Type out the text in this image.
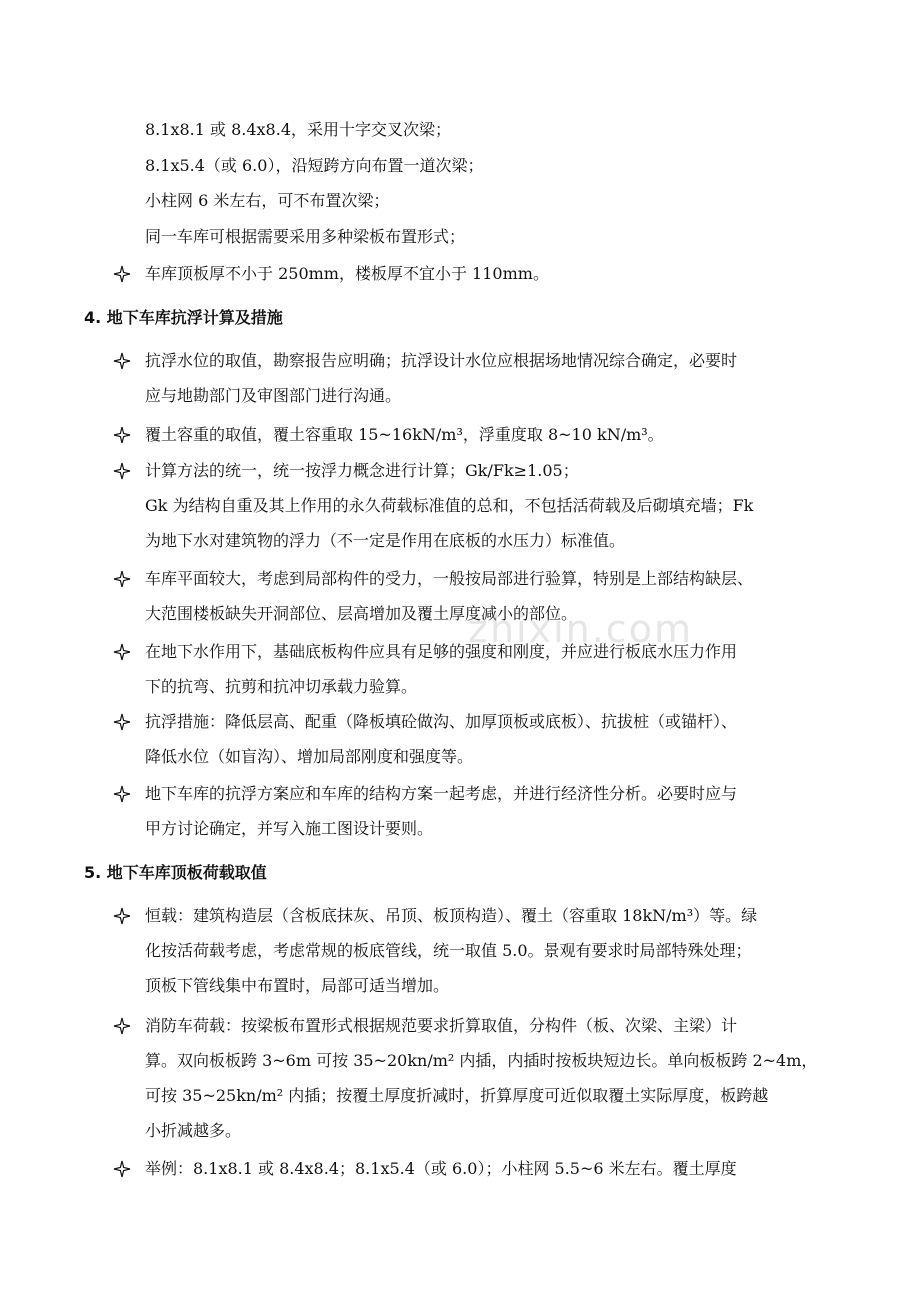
8.1x8.1 或 8.4x8.4，采用十字交叉次梁；
8.1x5.4（或 6.0），沿短跨方向布置一道次梁；
小柱网 6 米左右，可不布置次梁；
同一车库可根据需要采用多种梁板布置形式；
车库顶板厚不小于 250mm，楼板厚不宜小于 110mm。
4. 地下车库抗浮计算及措施
抗浮水位的取值，勘察报告应明确；抗浮设计水位应根据场地情况综合确定，必要时
应与地勘部门及审图部门进行沟通。
覆土容重的取值，覆土容重取 15~16kN/m³，浮重度取 8~10 kN/m³。
计算方法的统一，统一按浮力概念进行计算；Gk/Fk≥1.05；
Gk 为结构自重及其上作用的永久荷载标准值的总和，不包括活荷载及后砌填充墙；Fk
为地下水对建筑物的浮力（不一定是作用在底板的水压力）标准值。
车库平面较大，考虑到局部构件的受力，一般按局部进行验算，特别是上部结构缺层、
大范围楼板缺失开洞部位、层高增加及覆土厚度减小的部位。
在地下水作用下，基础底板构件应具有足够的强度和刚度，并应进行板底水压力作用
下的抗弯、抗剪和抗冲切承载力验算。
抗浮措施：降低层高、配重（降板填砼做沟、加厚顶板或底板）、抗拔桩（或锚杆）、
降低水位（如盲沟）、增加局部刚度和强度等。
地下车库的抗浮方案应和车库的结构方案一起考虑，并进行经济性分析。必要时应与
甲方讨论确定，并写入施工图设计要则。
5. 地下车库顶板荷载取值
恒载：建筑构造层（含板底抹灰、吊顶、板顶构造）、覆土（容重取 18kN/m³）等。绿
化按活荷载考虑，考虑常规的板底管线，统一取值 5.0。景观有要求时局部特殊处理；
顶板下管线集中布置时，局部可适当增加。
消防车荷载：按梁板布置形式根据规范要求折算取值，分构件（板、次梁、主梁）计
算。双向板板跨 3~6m 可按 35~20kn/m² 内插，内插时按板块短边长。单向板板跨 2~4m，
可按 35~25kn/m² 内插；按覆土厚度折减时，折算厚度可近似取覆土实际厚度，板跨越
小折减越多。
举例：8.1x8.1 或 8.4x8.4；8.1x5.4（或 6.0）；小柱网 5.5~6 米左右。覆土厚度
zhixin.com
